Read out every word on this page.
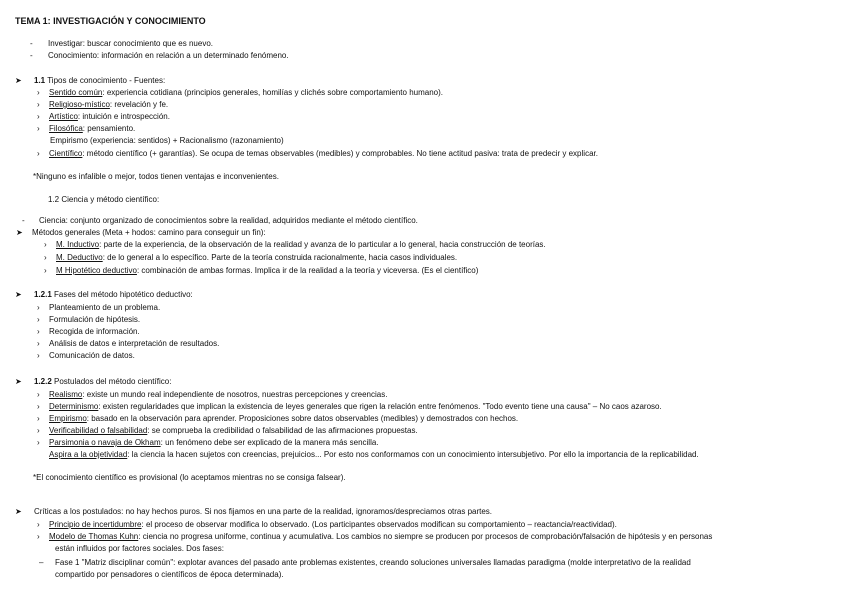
TEMA 1: INVESTIGACIÓN Y CONOCIMIENTO
- Investigar: buscar conocimiento que es nuevo.
- Conocimiento: información en relación a un determinado fenómeno.
➤ 1.1 Tipos de conocimiento - Fuentes:
› Sentido común: experiencia cotidiana (principios generales, homilías y clichés sobre comportamiento humano).
› Religioso-místico: revelación y fe.
› Artístico: intuición e introspección.
› Filosófica: pensamiento.
Empirismo (experiencia: sentidos) + Racionalismo (razonamiento)
› Científico: método científico (+ garantías). Se ocupa de temas observables (medibles) y comprobables. No tiene actitud pasiva: trata de predecir y explicar.
*Ninguno es infalible o mejor, todos tienen ventajas e inconvenientes.
1.2 Ciencia y método científico:
- Ciencia: conjunto organizado de conocimientos sobre la realidad, adquiridos mediante el método científico.
➤ Métodos generales (Meta + hodos: camino para conseguir un fin):
› M. Inductivo: parte de la experiencia, de la observación de la realidad y avanza de lo particular a lo general, hacia construcción de teorías.
› M. Deductivo: de lo general a lo específico. Parte de la teoría construida racionalmente, hacia casos individuales.
› M Hipotético deductivo: combinación de ambas formas. Implica ir de la realidad a la teoría y viceversa. (Es el científico)
➤ 1.2.1 Fases del método hipotético deductivo:
› Planteamiento de un problema.
› Formulación de hipótesis.
› Recogida de información.
› Análisis de datos e interpretación de resultados.
› Comunicación de datos.
➤ 1.2.2 Postulados del método científico:
› Realismo: existe un mundo real independiente de nosotros, nuestras percepciones y creencias.
› Determinismo: existen regularidades que implican la existencia de leyes generales que rigen la relación entre fenómenos. "Todo evento tiene una causa" – No caos azaroso.
› Empirismo: basado en la observación para aprender. Proposiciones sobre datos observables (medibles) y demostrados con hechos.
› Verificabilidad o falsabilidad: se comprueba la credibilidad o falsabilidad de las afirmaciones propuestas.
› Parsimonia o navaja de Okham: un fenómeno debe ser explicado de la manera más sencilla.
Aspira a la objetividad: la ciencia la hacen sujetos con creencias, prejuicios... Por esto nos conformamos con un conocimiento intersubjetivo. Por ello la importancia de la replicabilidad.
*El conocimiento científico es provisional (lo aceptamos mientras no se consiga falsear).
➤ Críticas a los postulados: no hay hechos puros. Si nos fijamos en una parte de la realidad, ignoramos/despreciamos otras partes.
› Principio de incertidumbre: el proceso de observar modifica lo observado. (Los participantes observados modifican su comportamiento – reactancia/reactividad).
› Modelo de Thomas Kuhn: ciencia no progresa uniforme, continua y acumulativa. Los cambios no siempre se producen por procesos de comprobación/falsación de hipótesis y en personas
están influidos por factores sociales. Dos fases:
– Fase 1 "Matriz disciplinar común": explotar avances del pasado ante problemas existentes, creando soluciones universales llamadas paradigma (molde interpretativo de la realidad
compartido por pensadores o científicos de época determinada).
